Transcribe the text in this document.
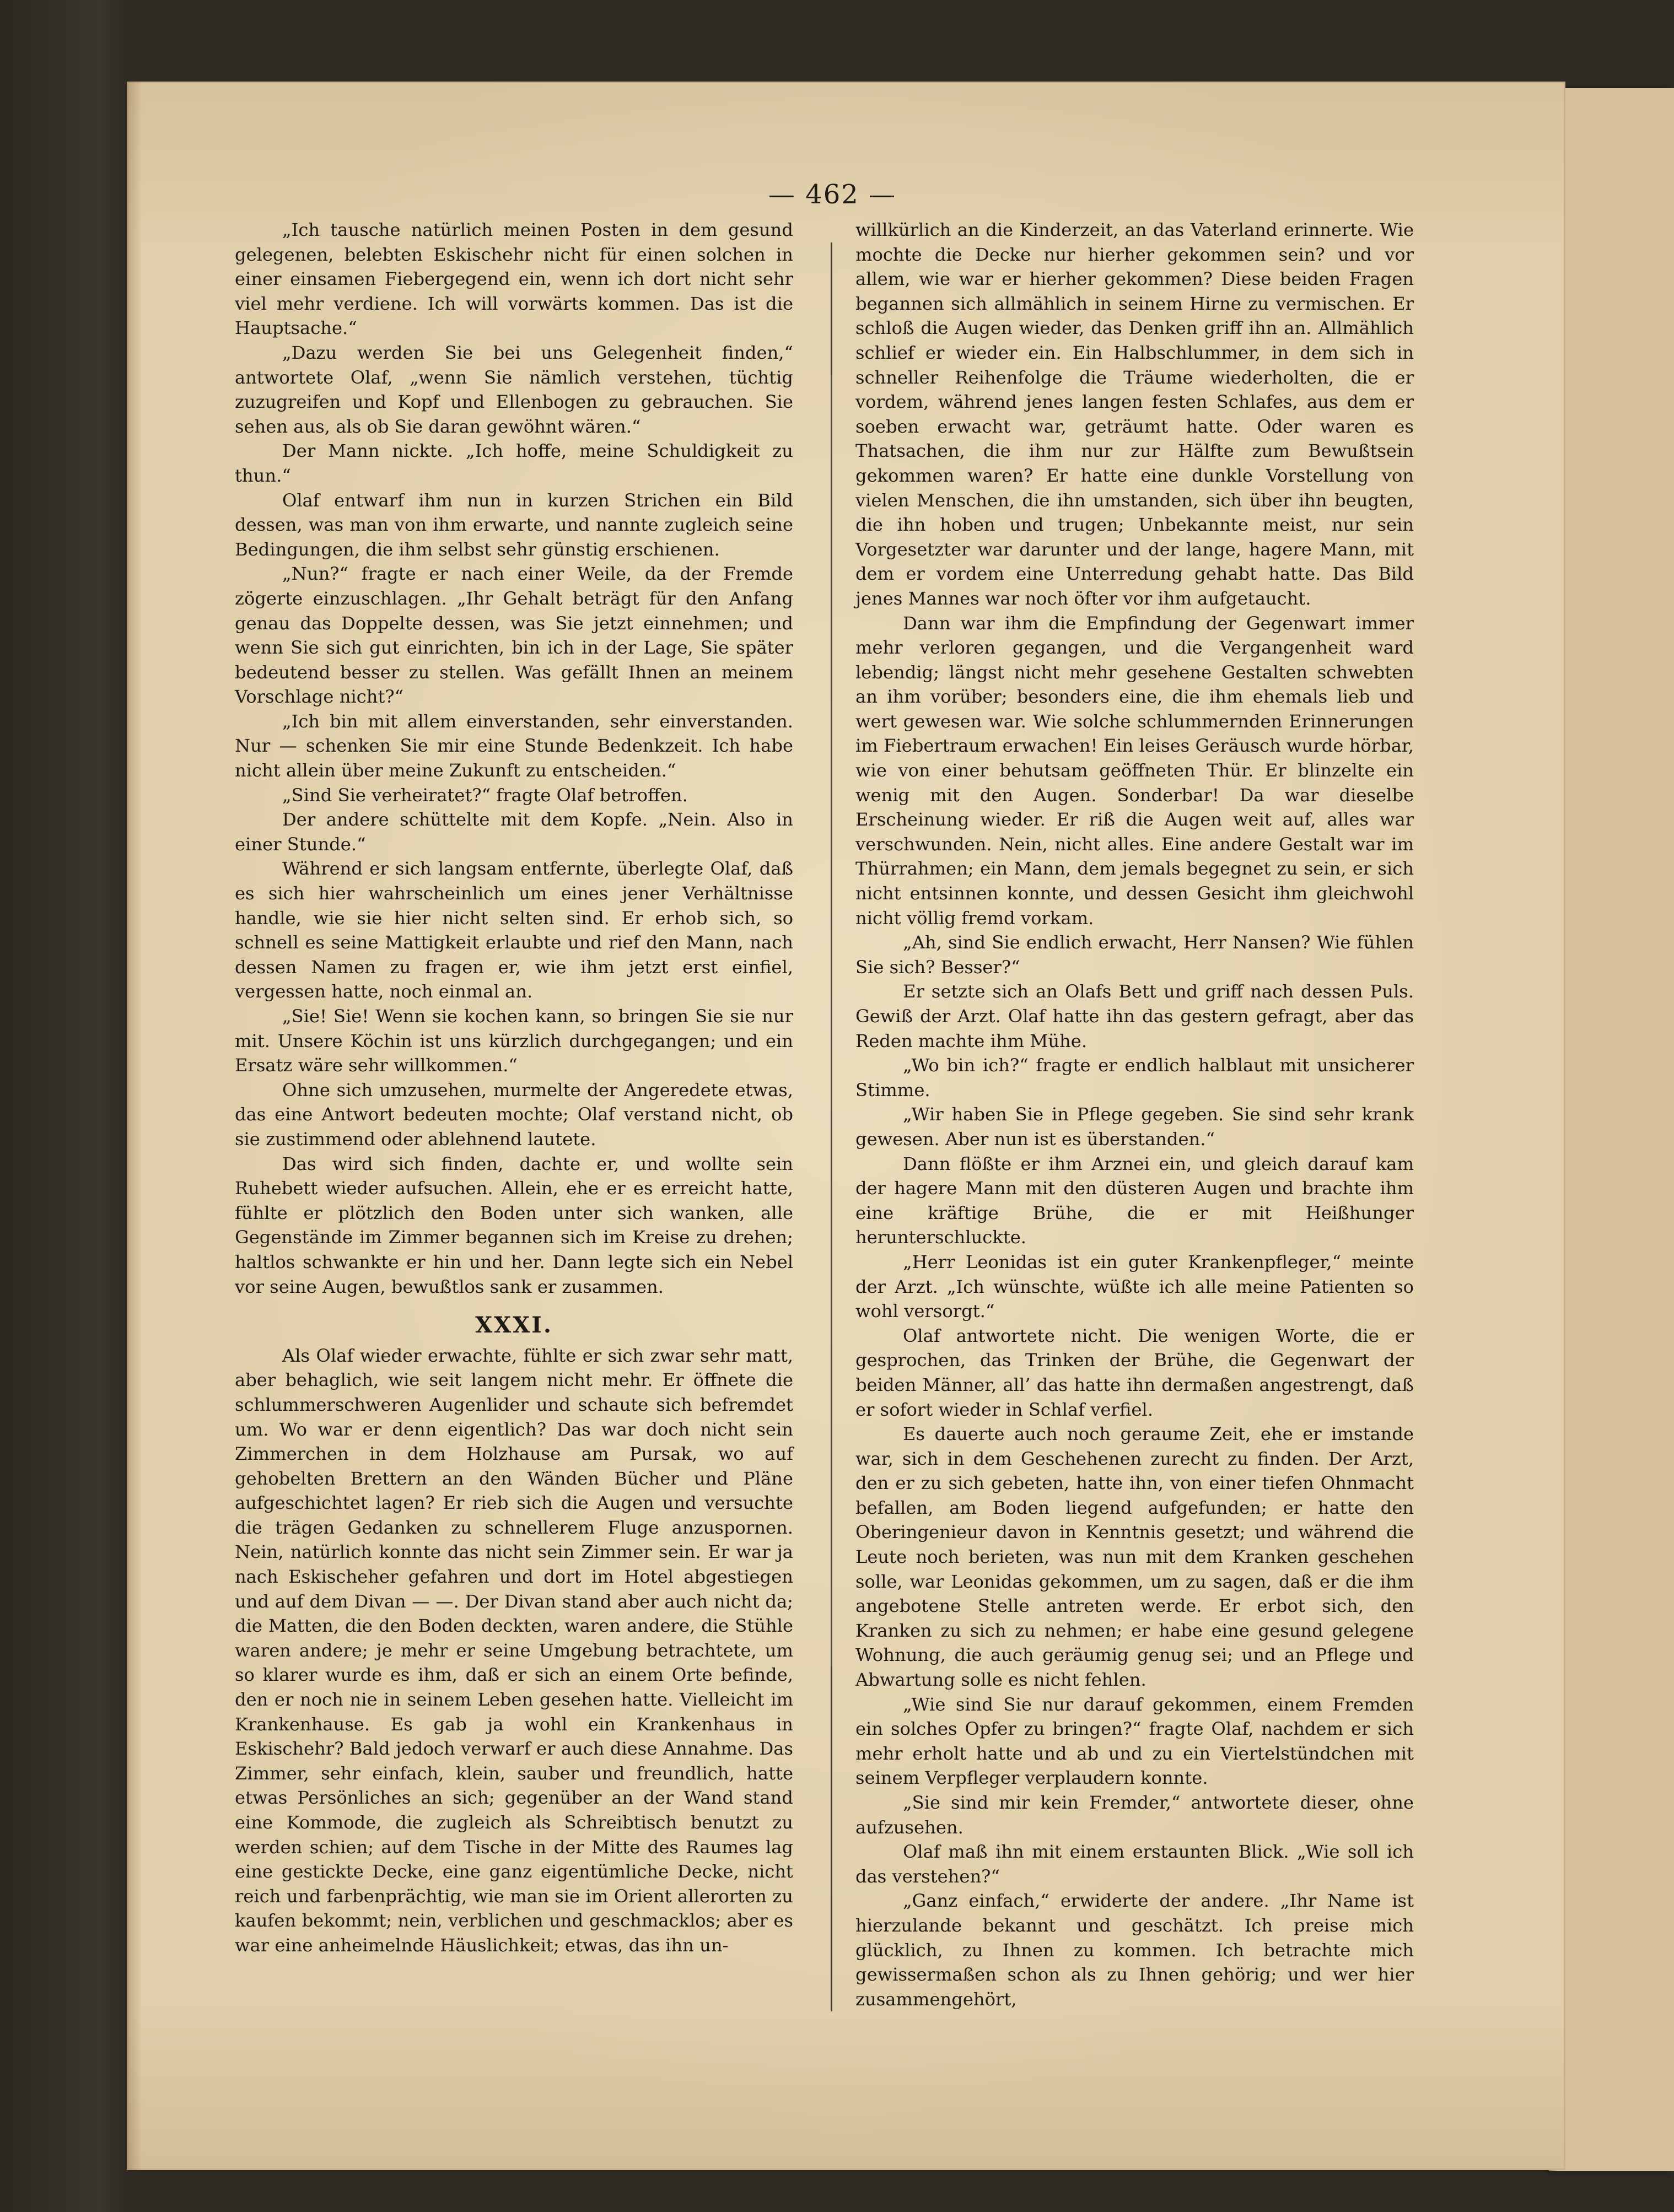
— 462 —

„Ich tausche natürlich meinen Posten in dem gesund gelegenen, belebten Eskischehr nicht für einen solchen in einer einsamen Fiebergegend ein, wenn ich dort nicht sehr viel mehr verdiene. Ich will vorwärts kommen. Das ist die Hauptsache.“

„Dazu werden Sie bei uns Gelegenheit finden,“ antwortete Olaf, „wenn Sie nämlich verstehen, tüchtig zuzugreifen und Kopf und Ellenbogen zu gebrauchen. Sie sehen aus, als ob Sie daran gewöhnt wären.“

Der Mann nickte. „Ich hoffe, meine Schuldigkeit zu thun.“

Olaf entwarf ihm nun in kurzen Strichen ein Bild dessen, was man von ihm erwarte, und nannte zugleich seine Bedingungen, die ihm selbst sehr günstig erschienen.

„Nun?“ fragte er nach einer Weile, da der Fremde zögerte einzuschlagen. „Ihr Gehalt beträgt für den Anfang genau das Doppelte dessen, was Sie jetzt einnehmen; und wenn Sie sich gut einrichten, bin ich in der Lage, Sie später bedeutend besser zu stellen. Was gefällt Ihnen an meinem Vorschlage nicht?“

„Ich bin mit allem einverstanden, sehr einverstanden. Nur — schenken Sie mir eine Stunde Bedenkzeit. Ich habe nicht allein über meine Zukunft zu entscheiden.“

„Sind Sie verheiratet?“ fragte Olaf betroffen.

Der andere schüttelte mit dem Kopfe. „Nein. Also in einer Stunde.“

Während er sich langsam entfernte, überlegte Olaf, daß es sich hier wahrscheinlich um eines jener Verhältnisse handle, wie sie hier nicht selten sind. Er erhob sich, so schnell es seine Mattigkeit erlaubte und rief den Mann, nach dessen Namen zu fragen er, wie ihm jetzt erst einfiel, vergessen hatte, noch einmal an.

„Sie! Sie! Wenn sie kochen kann, so bringen Sie sie nur mit. Unsere Köchin ist uns kürzlich durchgegangen; und ein Ersatz wäre sehr willkommen.“

Ohne sich umzusehen, murmelte der Angeredete etwas, das eine Antwort bedeuten mochte; Olaf verstand nicht, ob sie zustimmend oder ablehnend lautete.

Das wird sich finden, dachte er, und wollte sein Ruhebett wieder aufsuchen. Allein, ehe er es erreicht hatte, fühlte er plötzlich den Boden unter sich wanken, alle Gegenstände im Zimmer begannen sich im Kreise zu drehen; haltlos schwankte er hin und her. Dann legte sich ein Nebel vor seine Augen, bewußtlos sank er zusammen.

XXXI.

Als Olaf wieder erwachte, fühlte er sich zwar sehr matt, aber behaglich, wie seit langem nicht mehr. Er öffnete die schlummerschweren Augenlider und schaute sich befremdet um. Wo war er denn eigentlich? Das war doch nicht sein Zimmerchen in dem Holzhause am Pursak, wo auf gehobelten Brettern an den Wänden Bücher und Pläne aufgeschichtet lagen? Er rieb sich die Augen und versuchte die trägen Gedanken zu schnellerem Fluge anzuspornen. Nein, natürlich konnte das nicht sein Zimmer sein. Er war ja nach Eskischeher gefahren und dort im Hotel abgestiegen und auf dem Divan — —. Der Divan stand aber auch nicht da; die Matten, die den Boden deckten, waren andere, die Stühle waren andere; je mehr er seine Umgebung betrachtete, um so klarer wurde es ihm, daß er sich an einem Orte befinde, den er noch nie in seinem Leben gesehen hatte. Vielleicht im Krankenhause. Es gab ja wohl ein Krankenhaus in Eskischehr? Bald jedoch verwarf er auch diese Annahme. Das Zimmer, sehr einfach, klein, sauber und freundlich, hatte etwas Persönliches an sich; gegenüber an der Wand stand eine Kommode, die zugleich als Schreibtisch benutzt zu werden schien; auf dem Tische in der Mitte des Raumes lag eine gestickte Decke, eine ganz eigentümliche Decke, nicht reich und farbenprächtig, wie man sie im Orient allerorten zu kaufen bekommt; nein, verblichen und geschmacklos; aber es war eine anheimelnde Häuslichkeit; etwas, das ihn un-

willkürlich an die Kinderzeit, an das Vaterland erinnerte. Wie mochte die Decke nur hierher gekommen sein? und vor allem, wie war er hierher gekommen? Diese beiden Fragen begannen sich allmählich in seinem Hirne zu vermischen. Er schloß die Augen wieder, das Denken griff ihn an. Allmählich schlief er wieder ein. Ein Halbschlummer, in dem sich in schneller Reihenfolge die Träume wiederholten, die er vordem, während jenes langen festen Schlafes, aus dem er soeben erwacht war, geträumt hatte. Oder waren es Thatsachen, die ihm nur zur Hälfte zum Bewußtsein gekommen waren? Er hatte eine dunkle Vorstellung von vielen Menschen, die ihn umstanden, sich über ihn beugten, die ihn hoben und trugen; Unbekannte meist, nur sein Vorgesetzter war darunter und der lange, hagere Mann, mit dem er vordem eine Unterredung gehabt hatte. Das Bild jenes Mannes war noch öfter vor ihm aufgetaucht.

Dann war ihm die Empfindung der Gegenwart immer mehr verloren gegangen, und die Vergangenheit ward lebendig; längst nicht mehr gesehene Gestalten schwebten an ihm vorüber; besonders eine, die ihm ehemals lieb und wert gewesen war. Wie solche schlummernden Erinnerungen im Fiebertraum erwachen! Ein leises Geräusch wurde hörbar, wie von einer behutsam geöffneten Thür. Er blinzelte ein wenig mit den Augen. Sonderbar! Da war dieselbe Erscheinung wieder. Er riß die Augen weit auf, alles war verschwunden. Nein, nicht alles. Eine andere Gestalt war im Thürrahmen; ein Mann, dem jemals begegnet zu sein, er sich nicht entsinnen konnte, und dessen Gesicht ihm gleichwohl nicht völlig fremd vorkam.

„Ah, sind Sie endlich erwacht, Herr Nansen? Wie fühlen Sie sich? Besser?“

Er setzte sich an Olafs Bett und griff nach dessen Puls. Gewiß der Arzt. Olaf hatte ihn das gestern gefragt, aber das Reden machte ihm Mühe.

„Wo bin ich?“ fragte er endlich halblaut mit unsicherer Stimme.

„Wir haben Sie in Pflege gegeben. Sie sind sehr krank gewesen. Aber nun ist es überstanden.“

Dann flößte er ihm Arznei ein, und gleich darauf kam der hagere Mann mit den düsteren Augen und brachte ihm eine kräftige Brühe, die er mit Heißhunger herunterschluckte.

„Herr Leonidas ist ein guter Krankenpfleger,“ meinte der Arzt. „Ich wünschte, wüßte ich alle meine Patienten so wohl versorgt.“

Olaf antwortete nicht. Die wenigen Worte, die er gesprochen, das Trinken der Brühe, die Gegenwart der beiden Männer, all’ das hatte ihn dermaßen angestrengt, daß er sofort wieder in Schlaf verfiel.

Es dauerte auch noch geraume Zeit, ehe er imstande war, sich in dem Geschehenen zurecht zu finden. Der Arzt, den er zu sich gebeten, hatte ihn, von einer tiefen Ohnmacht befallen, am Boden liegend aufgefunden; er hatte den Oberingenieur davon in Kenntnis gesetzt; und während die Leute noch berieten, was nun mit dem Kranken geschehen solle, war Leonidas gekommen, um zu sagen, daß er die ihm angebotene Stelle antreten werde. Er erbot sich, den Kranken zu sich zu nehmen; er habe eine gesund gelegene Wohnung, die auch geräumig genug sei; und an Pflege und Abwartung solle es nicht fehlen.

„Wie sind Sie nur darauf gekommen, einem Fremden ein solches Opfer zu bringen?“ fragte Olaf, nachdem er sich mehr erholt hatte und ab und zu ein Viertelstündchen mit seinem Verpfleger verplaudern konnte.

„Sie sind mir kein Fremder,“ antwortete dieser, ohne aufzusehen.

Olaf maß ihn mit einem erstaunten Blick. „Wie soll ich das verstehen?“

„Ganz einfach,“ erwiderte der andere. „Ihr Name ist hierzulande bekannt und geschätzt. Ich preise mich glücklich, zu Ihnen zu kommen. Ich betrachte mich gewissermaßen schon als zu Ihnen gehörig; und wer hier zusammengehört,
